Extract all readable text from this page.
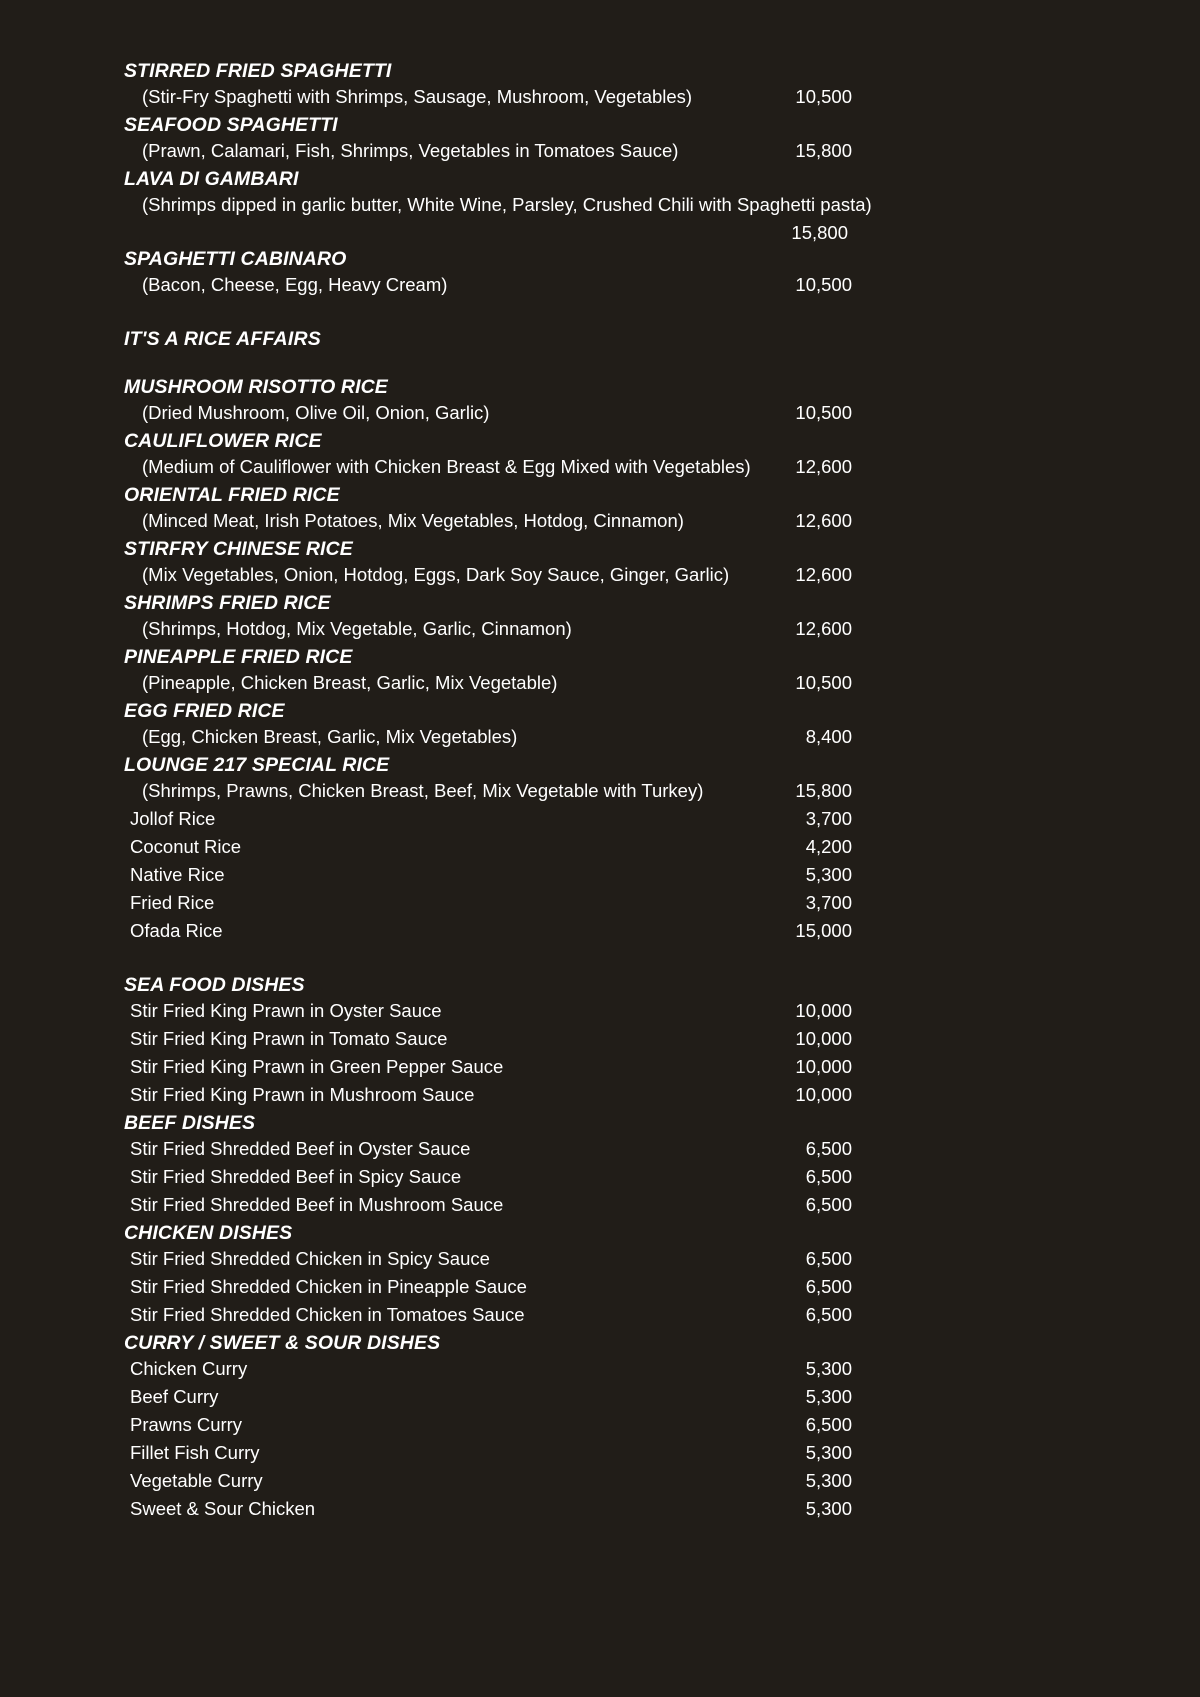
STIRRED FRIED SPAGHETTI
(Stir-Fry Spaghetti with Shrimps, Sausage, Mushroom, Vegetables)	10,500
SEAFOOD SPAGHETTI
(Prawn, Calamari, Fish, Shrimps, Vegetables in Tomatoes Sauce)	15,800
LAVA DI GAMBARI
(Shrimps dipped in garlic butter, White Wine, Parsley, Crushed Chili with Spaghetti pasta)
15,800
SPAGHETTI CABINARO
(Bacon, Cheese, Egg, Heavy Cream)	10,500
IT'S A RICE AFFAIRS
MUSHROOM RISOTTO RICE
(Dried Mushroom, Olive Oil, Onion, Garlic)	10,500
CAULIFLOWER RICE
(Medium of Cauliflower with Chicken Breast & Egg Mixed with Vegetables)	12,600
ORIENTAL FRIED RICE
(Minced Meat, Irish Potatoes, Mix Vegetables, Hotdog, Cinnamon)	12,600
STIRFRY CHINESE RICE
(Mix Vegetables, Onion, Hotdog, Eggs, Dark Soy Sauce, Ginger, Garlic)	12,600
SHRIMPS FRIED RICE
(Shrimps, Hotdog, Mix Vegetable, Garlic, Cinnamon)	12,600
PINEAPPLE FRIED RICE
(Pineapple, Chicken Breast, Garlic, Mix Vegetable)	10,500
EGG FRIED RICE
(Egg, Chicken Breast, Garlic, Mix Vegetables)	8,400
LOUNGE 217 SPECIAL RICE
(Shrimps, Prawns, Chicken Breast, Beef, Mix Vegetable with Turkey)	15,800
Jollof Rice	3,700
Coconut Rice	4,200
Native Rice	5,300
Fried Rice	3,700
Ofada Rice	15,000
SEA FOOD DISHES
Stir Fried King Prawn in Oyster Sauce	10,000
Stir Fried King Prawn in Tomato Sauce	10,000
Stir Fried King Prawn in Green Pepper Sauce	10,000
Stir Fried King Prawn in Mushroom Sauce	10,000
BEEF DISHES
Stir Fried Shredded Beef in Oyster Sauce	6,500
Stir Fried Shredded Beef in Spicy Sauce	6,500
Stir Fried Shredded Beef in Mushroom Sauce	6,500
CHICKEN DISHES
Stir Fried Shredded Chicken in Spicy Sauce	6,500
Stir Fried Shredded Chicken in Pineapple Sauce	6,500
Stir Fried Shredded Chicken in Tomatoes Sauce	6,500
CURRY / SWEET & SOUR DISHES
Chicken Curry	5,300
Beef Curry	5,300
Prawns Curry	6,500
Fillet Fish Curry	5,300
Vegetable Curry	5,300
Sweet & Sour Chicken	5,300
